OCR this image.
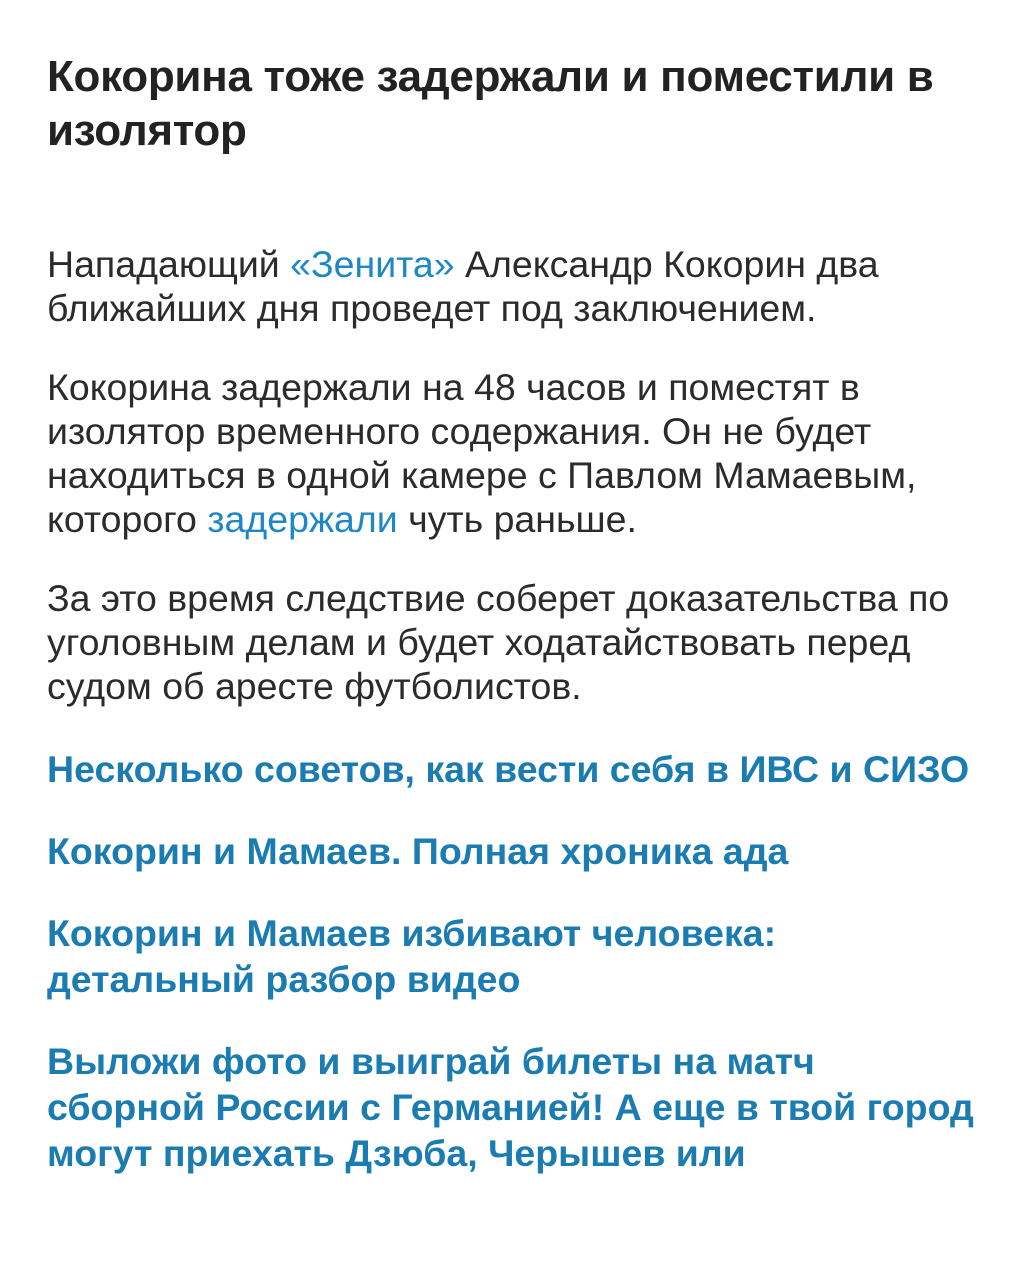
Кокорина тоже задержали и поместили в изолятор

Нападающий «Зенита» Александр Кокорин два ближайших дня проведет под заключением.

Кокорина задержали на 48 часов и поместят в изолятор временного содержания. Он не будет находиться в одной камере с Павлом Мамаевым, которого задержали чуть раньше.

За это время следствие соберет доказательства по уголовным делам и будет ходатайствовать перед судом об аресте футболистов.

Несколько советов, как вести себя в ИВС и СИЗО
Кокорин и Мамаев. Полная хроника ада
Кокорин и Мамаев избивают человека: детальный разбор видео
Выложи фото и выиграй билеты на матч сборной России с Германией! А еще в твой город могут приехать Дзюба, Черышев или
